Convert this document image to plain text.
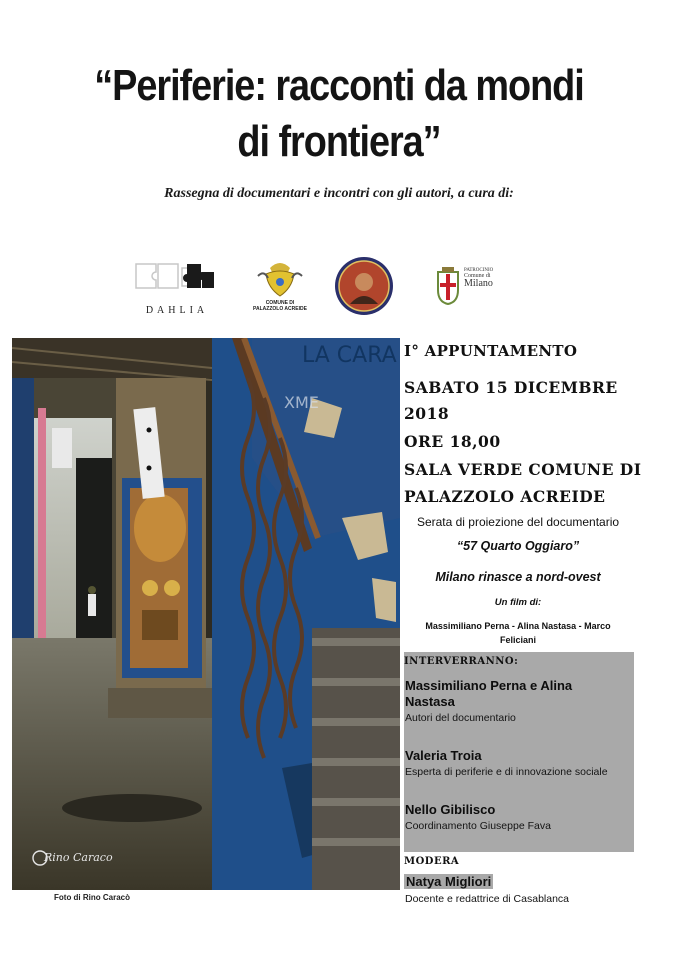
“Periferie: racconti da mondi di frontiera”
Rassegna di documentari e incontri con gli autori, a cura di:
DAHLIA
COMUNE DI
PALAZZOLO ACREIDE
PATROCINIO
Comune di
Milano
LA CARA
XME
Rino Caraco
Foto di Rino Caracò
I° APPUNTAMENTO
SABATO 15 DICEMBRE
2018
ORE 18,00
SALA VERDE COMUNE DI
PALAZZOLO ACREIDE
Serata di proiezione del documentario
“57 Quarto Oggiaro”
Milano rinasce a nord-ovest
Un film di:
Massimiliano Perna - Alina Nastasa - Marco
Feliciani
INTERVERRANNO:
Massimiliano Perna e Alina
Nastasa
Autori del documentario
Valeria Troia
Esperta di periferie e di innovazione sociale
Nello Gibilisco
Coordinamento Giuseppe Fava
MODERA
Natya Migliori
Docente e redattrice di Casablanca
